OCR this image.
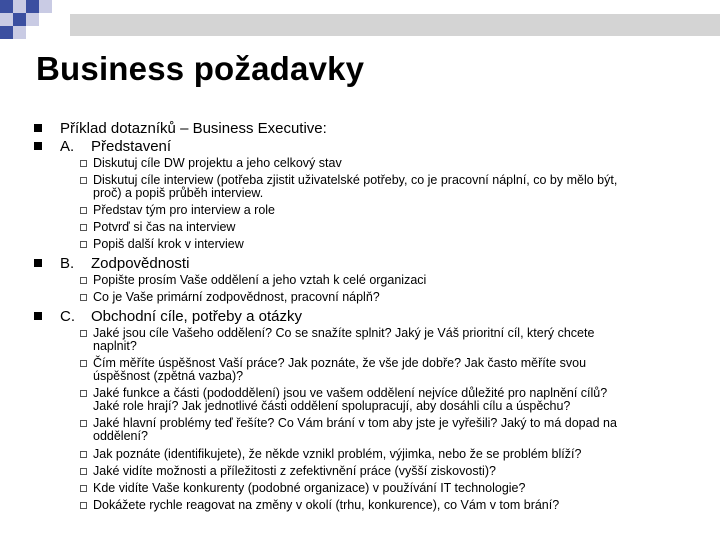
Business požadavky
Příklad dotazníků – Business Executive:
A. Představení
Diskutuj cíle DW projektu a jeho celkový stav
Diskutuj cíle interview (potřeba zjistit uživatelské potřeby, co je pracovní náplní, co by mělo být,
proč) a popiš průběh interview.
Představ tým pro interview a role
Potvrď si čas na interview
Popiš další krok v interview
B. Zodpovědnosti
Popište prosím Vaše oddělení a jeho vztah k celé organizaci
Co je Vaše primární zodpovědnost, pracovní náplň?
C. Obchodní cíle, potřeby a otázky
Jaké jsou cíle Vašeho oddělení? Co se snažíte splnit? Jaký je Váš prioritní cíl, který chcete
naplnit?
Čím měříte úspěšnost Vaší práce? Jak poznáte, že vše jde dobře? Jak často měříte svou
úspěšnost (zpětná vazba)?
Jaké funkce a části (pododdělení) jsou ve vašem oddělení nejvíce důležité pro naplnění cílů?
Jaké role hrají? Jak jednotlivé části oddělení spolupracují, aby dosáhli cílu a úspěchu?
Jaké hlavní problémy teď řešíte? Co Vám brání v tom aby jste je vyřešili? Jaký to má dopad na
oddělení?
Jak poznáte (identifikujete), že někde vznikl problém, výjimka, nebo že se problém blíží?
Jaké vidíte možnosti a příležitosti z zefektivnění práce (vyšší ziskovosti)?
Kde vidíte Vaše konkurenty (podobné organizace) v používání IT technologie?
Dokážete rychle reagovat na změny v okolí (trhu, konkurence), co Vám v tom brání?
